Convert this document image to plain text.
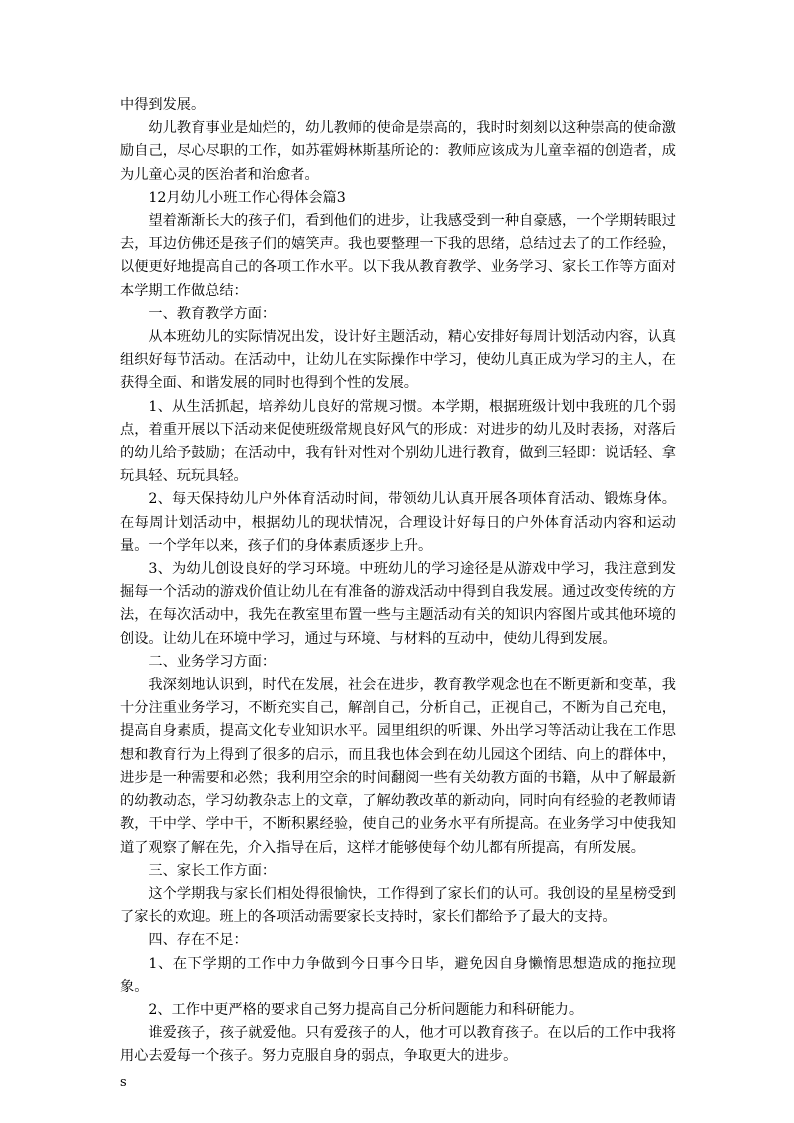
中得到发展。

幼儿教育事业是灿烂的，幼儿教师的使命是崇高的，我时时刻刻以这种崇高的使命激励自己，尽心尽职的工作，如苏霍姆林斯基所论的：教师应该成为儿童幸福的创造者，成为儿童心灵的医治者和治愈者。

12月幼儿小班工作心得体会篇3

望着渐渐长大的孩子们，看到他们的进步，让我感受到一种自豪感，一个学期转眼过去，耳边仿佛还是孩子们的嬉笑声。我也要整理一下我的思绪，总结过去了的工作经验，以便更好地提高自己的各项工作水平。以下我从教育教学、业务学习、家长工作等方面对本学期工作做总结：

一、教育教学方面：

从本班幼儿的实际情况出发，设计好主题活动，精心安排好每周计划活动内容，认真组织好每节活动。在活动中，让幼儿在实际操作中学习，使幼儿真正成为学习的主人，在获得全面、和谐发展的同时也得到个性的发展。

1、从生活抓起，培养幼儿良好的常规习惯。本学期，根据班级计划中我班的几个弱点，着重开展以下活动来促使班级常规良好风气的形成：对进步的幼儿及时表扬，对落后的幼儿给予鼓励；在活动中，我有针对性对个别幼儿进行教育，做到三轻即：说话轻、拿玩具轻、玩玩具轻。

2、每天保持幼儿户外体育活动时间，带领幼儿认真开展各项体育活动、锻炼身体。在每周计划活动中，根据幼儿的现状情况，合理设计好每日的户外体育活动内容和运动量。一个学年以来，孩子们的身体素质逐步上升。

3、为幼儿创设良好的学习环境。中班幼儿的学习途径是从游戏中学习，我注意到发掘每一个活动的游戏价值让幼儿在有准备的游戏活动中得到自我发展。通过改变传统的方法，在每次活动中，我先在教室里布置一些与主题活动有关的知识内容图片或其他环境的创设。让幼儿在环境中学习，通过与环境、与材料的互动中，使幼儿得到发展。

二、业务学习方面：

我深刻地认识到，时代在发展，社会在进步，教育教学观念也在不断更新和变革，我十分注重业务学习，不断充实自己，解剖自己，分析自己，正视自己，不断为自己充电，提高自身素质，提高文化专业知识水平。园里组织的听课、外出学习等活动让我在工作思想和教育行为上得到了很多的启示，而且我也体会到在幼儿园这个团结、向上的群体中，进步是一种需要和必然；我利用空余的时间翻阅一些有关幼教方面的书籍，从中了解最新的幼教动态，学习幼教杂志上的文章，了解幼教改革的新动向，同时向有经验的老教师请教，干中学、学中干，不断积累经验，使自己的业务水平有所提高。在业务学习中使我知道了观察了解在先，介入指导在后，这样才能够使每个幼儿都有所提高，有所发展。

三、家长工作方面：

这个学期我与家长们相处得很愉快，工作得到了家长们的认可。我创设的星星榜受到了家长的欢迎。班上的各项活动需要家长支持时，家长们都给予了最大的支持。

四、存在不足：

1、在下学期的工作中力争做到今日事今日毕，避免因自身懒惰思想造成的拖拉现象。

2、工作中更严格的要求自己努力提高自己分析问题能力和科研能力。

谁爱孩子，孩子就爱他。只有爱孩子的人，他才可以教育孩子。在以后的工作中我将用心去爱每一个孩子。努力克服自身的弱点，争取更大的进步。

s
